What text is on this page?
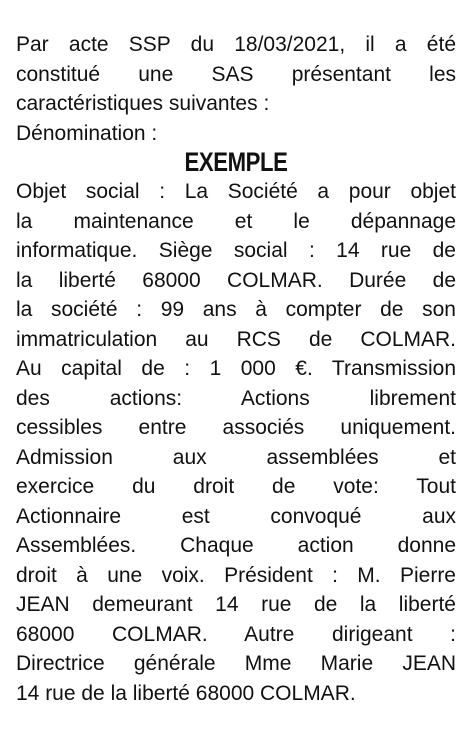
Par acte SSP du 18/03/2021, il a été
constitué une SAS présentant les
caractéristiques suivantes :
Dénomination :
EXEMPLE
Objet social : La Société a pour objet
la maintenance et le dépannage
informatique. Siège social : 14 rue de
la liberté 68000 COLMAR. Durée de
la société : 99 ans à compter de son
immatriculation au RCS de COLMAR.
Au capital de : 1 000 €. Transmission
des actions: Actions librement
cessibles entre associés uniquement.
Admission aux assemblées et
exercice du droit de vote: Tout
Actionnaire est convoqué aux
Assemblées. Chaque action donne
droit à une voix. Président : M. Pierre
JEAN demeurant 14 rue de la liberté
68000 COLMAR. Autre dirigeant :
Directrice générale Mme Marie JEAN
14 rue de la liberté 68000 COLMAR.
